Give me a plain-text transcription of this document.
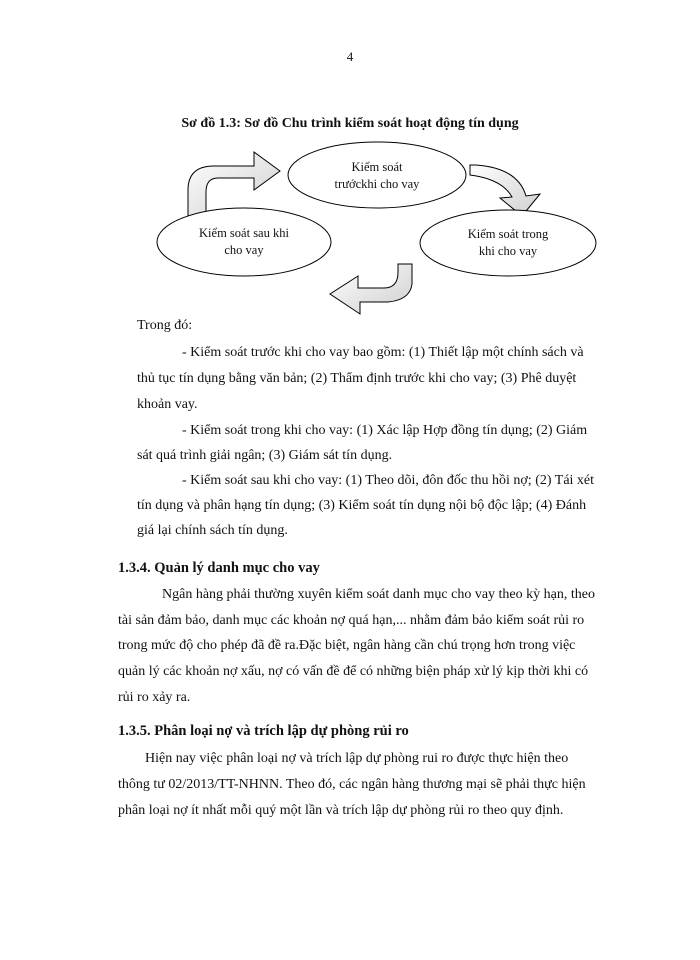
4
Sơ đồ 1.3: Sơ đồ Chu trình kiểm soát hoạt động tín dụng
Kiểm soát
trướckhi cho vay
Kiểm soát sau khi
cho vay
Kiểm soát trong
khi cho vay
Trong đó:
- Kiểm soát trước khi cho vay bao gồm: (1) Thiết lập một chính sách và
thủ tục tín dụng bằng văn bản; (2) Thẩm định trước khi cho vay; (3) Phê duyệt
khoản vay.
- Kiểm soát trong khi cho vay: (1) Xác lập Hợp đồng tín dụng; (2) Giám
sát quá trình giải ngân; (3) Giám sát tín dụng.
- Kiểm soát sau khi cho vay: (1) Theo dõi, đôn đốc thu hồi nợ; (2) Tái xét
tín dụng và phân hạng tín dụng; (3) Kiểm soát tín dụng nội bộ độc lập; (4) Đánh
giá lại chính sách tín dụng.
1.3.4. Quản lý danh mục cho vay
Ngân hàng phải thường xuyên kiểm soát danh mục cho vay theo kỳ hạn, theo
tài sản đảm bảo, danh mục các khoản nợ quá hạn,... nhằm đảm bảo kiểm soát rủi ro
trong mức độ cho phép đã đề ra.Đặc biệt, ngân hàng cần chú trọng hơn trong việc
quản lý các khoản nợ xấu, nợ có vấn đề để có những biện pháp xử lý kịp thời khi có
rủi ro xảy ra.
1.3.5. Phân loại nợ và trích lập dự phòng rủi ro
Hiện nay việc phân loại nợ và trích lập dự phòng rui ro được thực hiện theo
thông tư 02/2013/TT-NHNN. Theo đó, các ngân hàng thương mại sẽ phải thực hiện
phân loại nợ ít nhất mỗi quý một lần và trích lập dự phòng rủi ro theo quy định.
